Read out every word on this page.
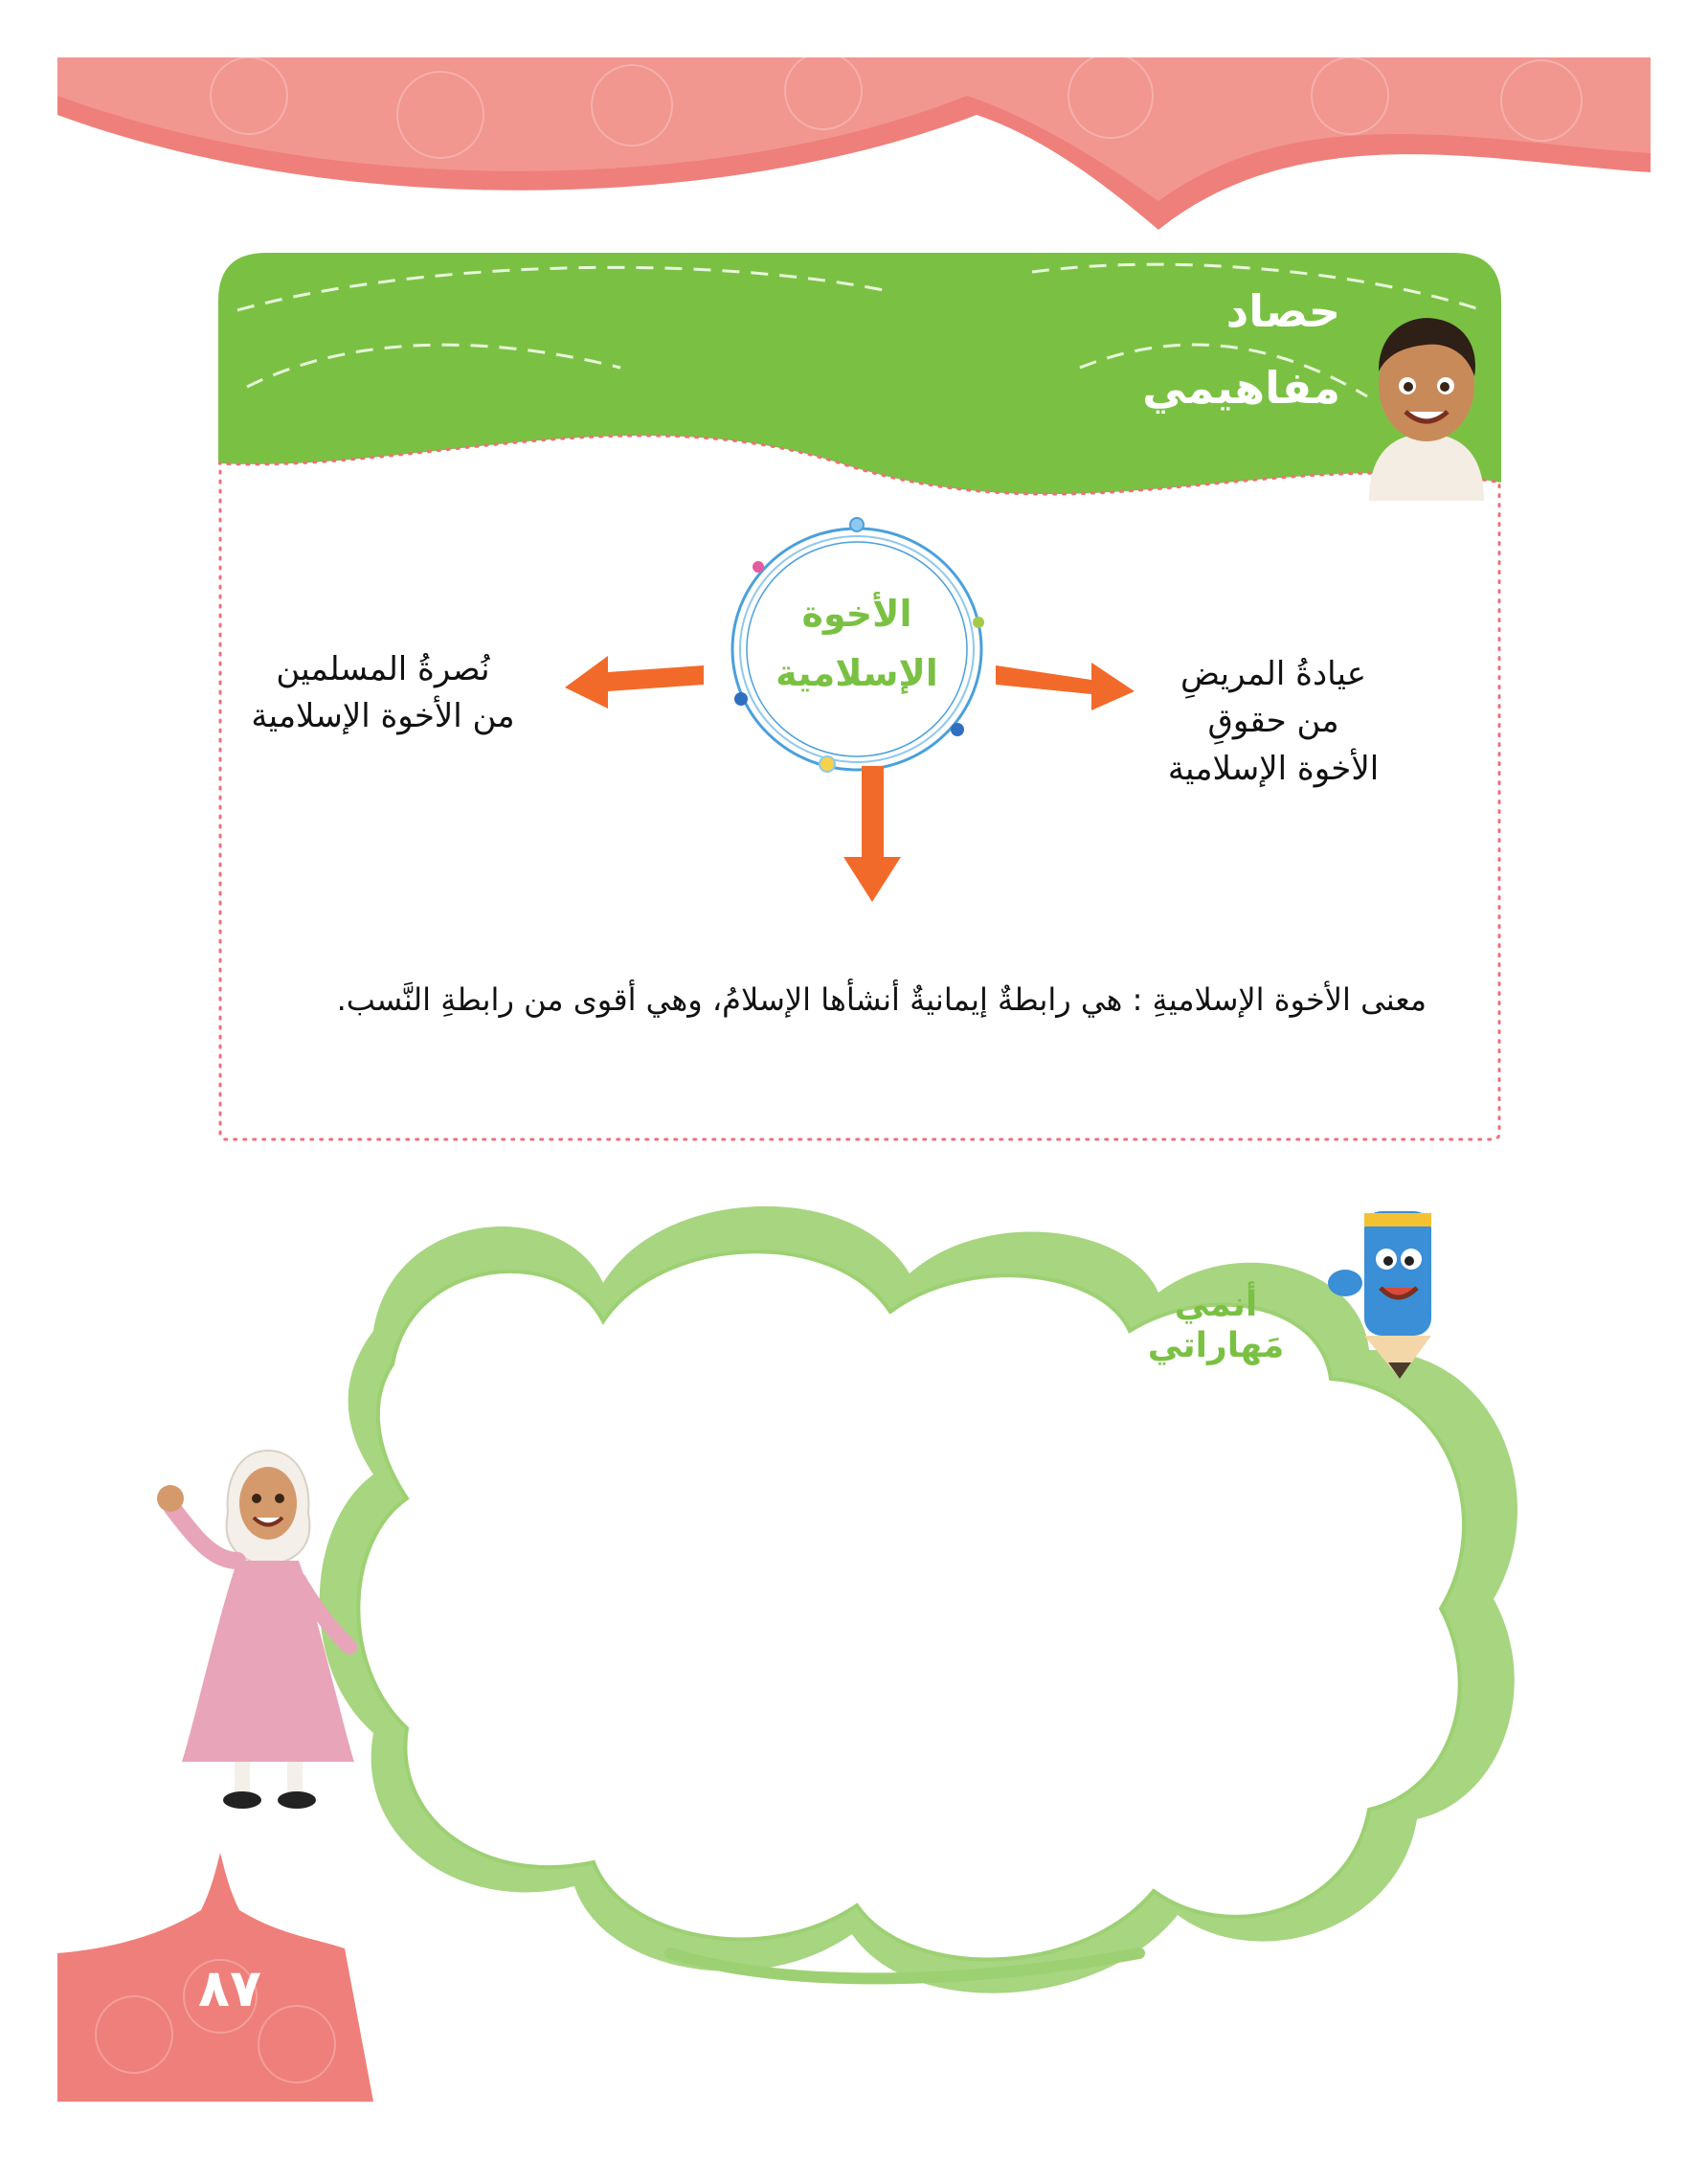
حصاد
مفاهيمي
الأخوة
الإسلامية	عيادةُ المريضِ
من حقوقِ
الأخوة الإسلامية
نُصرةُ المسلمين
من الأخوة الإسلامية
معنى الأخوة الإسلاميةِ : هي رابطةٌ إيمانيةٌ أنشأها الإسلامُ، وهي أقوى من رابطةِ النَّسب.
أنمي
مَهاراتي
٨٧
